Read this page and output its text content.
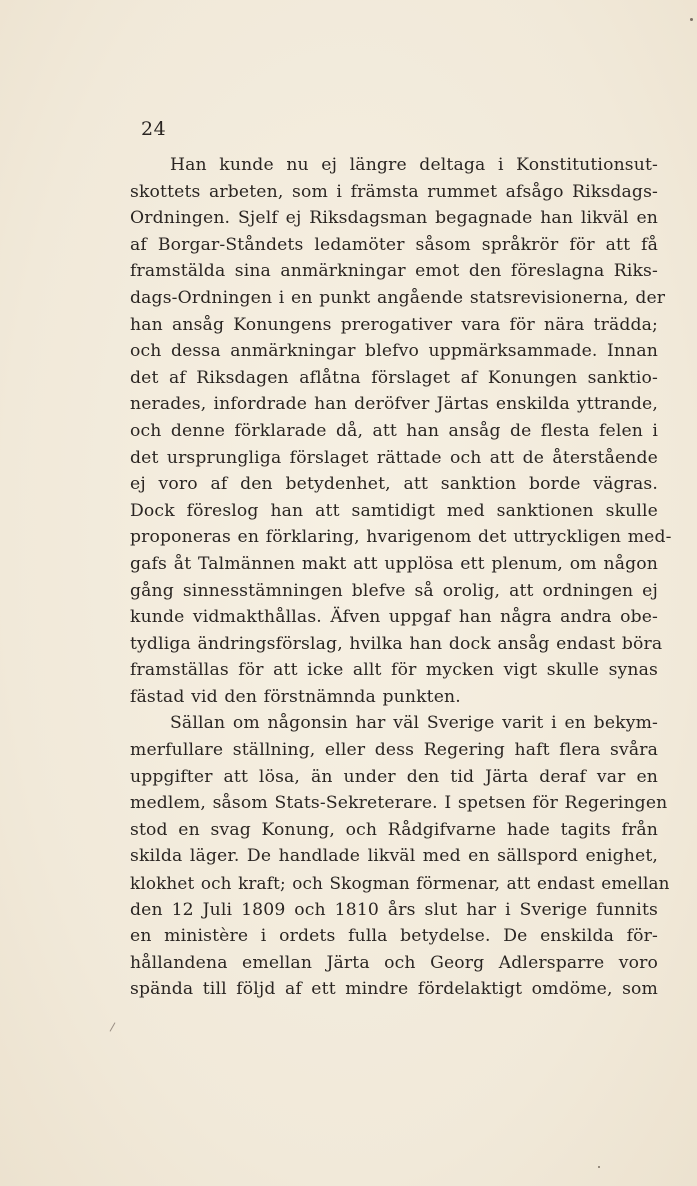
24
Han kunde nu ej längre deltaga i Konstitutionsut-
skottets arbeten, som i främsta rummet afsågo Riksdags-
Ordningen. Sjelf ej Riksdagsman begagnade han likväl en
af Borgar-Ståndets ledamöter såsom språkrör för att få
framstälda sina anmärkningar emot den föreslagna Riks-
dags-Ordningen i en punkt angående statsrevisionerna, der
han ansåg Konungens prerogativer vara för nära trädda;
och dessa anmärkningar blefvo uppmärksammade. Innan
det af Riksdagen aflåtna förslaget af Konungen sanktio-
nerades, infordrade han deröfver Järtas enskilda yttrande,
och denne förklarade då, att han ansåg de flesta felen i
det ursprungliga förslaget rättade och att de återstående
ej voro af den betydenhet, att sanktion borde vägras.
Dock föreslog han att samtidigt med sanktionen skulle
proponeras en förklaring, hvarigenom det uttryckligen med-
gafs åt Talmännen makt att upplösa ett plenum, om någon
gång sinnesstämningen blefve så orolig, att ordningen ej
kunde vidmakthållas. Äfven uppgaf han några andra obe-
tydliga ändringsförslag, hvilka han dock ansåg endast böra
framställas för att icke allt för mycken vigt skulle synas
fästad vid den förstnämnda punkten.
Sällan om någonsin har väl Sverige varit i en bekym-
merfullare ställning, eller dess Regering haft flera svåra
uppgifter att lösa, än under den tid Järta deraf var en
medlem, såsom Stats-Sekreterare. I spetsen för Regeringen
stod en svag Konung, och Rådgifvarne hade tagits från
skilda läger. De handlade likväl med en sällspord enighet,
klokhet och kraft; och Skogman förmenar, att endast emellan
den 12 Juli 1809 och 1810 års slut har i Sverige funnits
en ministère i ordets fulla betydelse. De enskilda för-
hållandena emellan Järta och Georg Adlersparre voro
spända till följd af ett mindre fördelaktigt omdöme, som
